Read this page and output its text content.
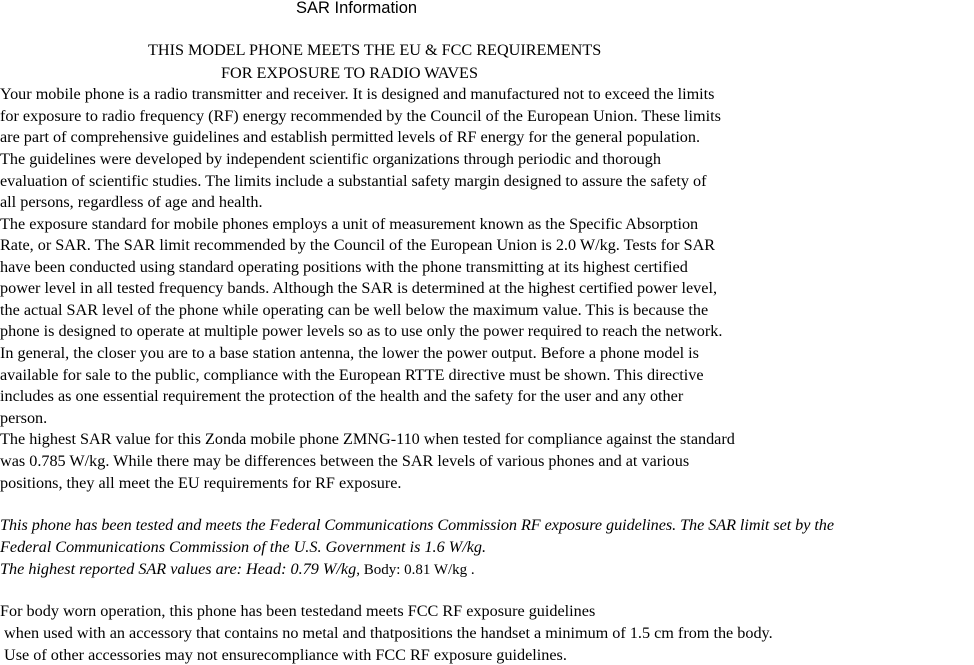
SAR Information
THIS MODEL PHONE MEETS THE EU & FCC REQUIREMENTS
FOR EXPOSURE TO RADIO WAVES
Your mobile phone is a radio transmitter and receiver. It is designed and manufactured not to exceed the limits
for exposure to radio frequency (RF) energy recommended by the Council of the European Union. These limits
are part of comprehensive guidelines and establish permitted levels of RF energy for the general population.
The guidelines were developed by independent scientific organizations through periodic and thorough
evaluation of scientific studies. The limits include a substantial safety margin designed to assure the safety of
all persons, regardless of age and health.
The exposure standard for mobile phones employs a unit of measurement known as the Specific Absorption
Rate, or SAR. The SAR limit recommended by the Council of the European Union is 2.0 W/kg. Tests for SAR
have been conducted using standard operating positions with the phone transmitting at its highest certified
power level in all tested frequency bands. Although the SAR is determined at the highest certified power level,
the actual SAR level of the phone while operating can be well below the maximum value. This is because the
phone is designed to operate at multiple power levels so as to use only the power required to reach the network.
In general, the closer you are to a base station antenna, the lower the power output. Before a phone model is
available for sale to the public, compliance with the European RTTE directive must be shown. This directive
includes as one essential requirement the protection of the health and the safety for the user and any other
person.
The highest SAR value for this Zonda mobile phone ZMNG-110 when tested for compliance against the standard
was 0.785 W/kg. While there may be differences between the SAR levels of various phones and at various
positions, they all meet the EU requirements for RF exposure.
This phone has been tested and meets the Federal Communications Commission RF exposure guidelines. The SAR limit set by the
Federal Communications Commission of the U.S. Government is 1.6 W/kg.
The highest reported SAR values are: Head: 0.79 W/kg, Body: 0.81 W/kg .
For body worn operation, this phone has been testedand meets FCC RF exposure guidelines
when used with an accessory that contains no metal and thatpositions the handset a minimum of 1.5 cm from the body.
Use of other accessories may not ensurecompliance with FCC RF exposure guidelines.
